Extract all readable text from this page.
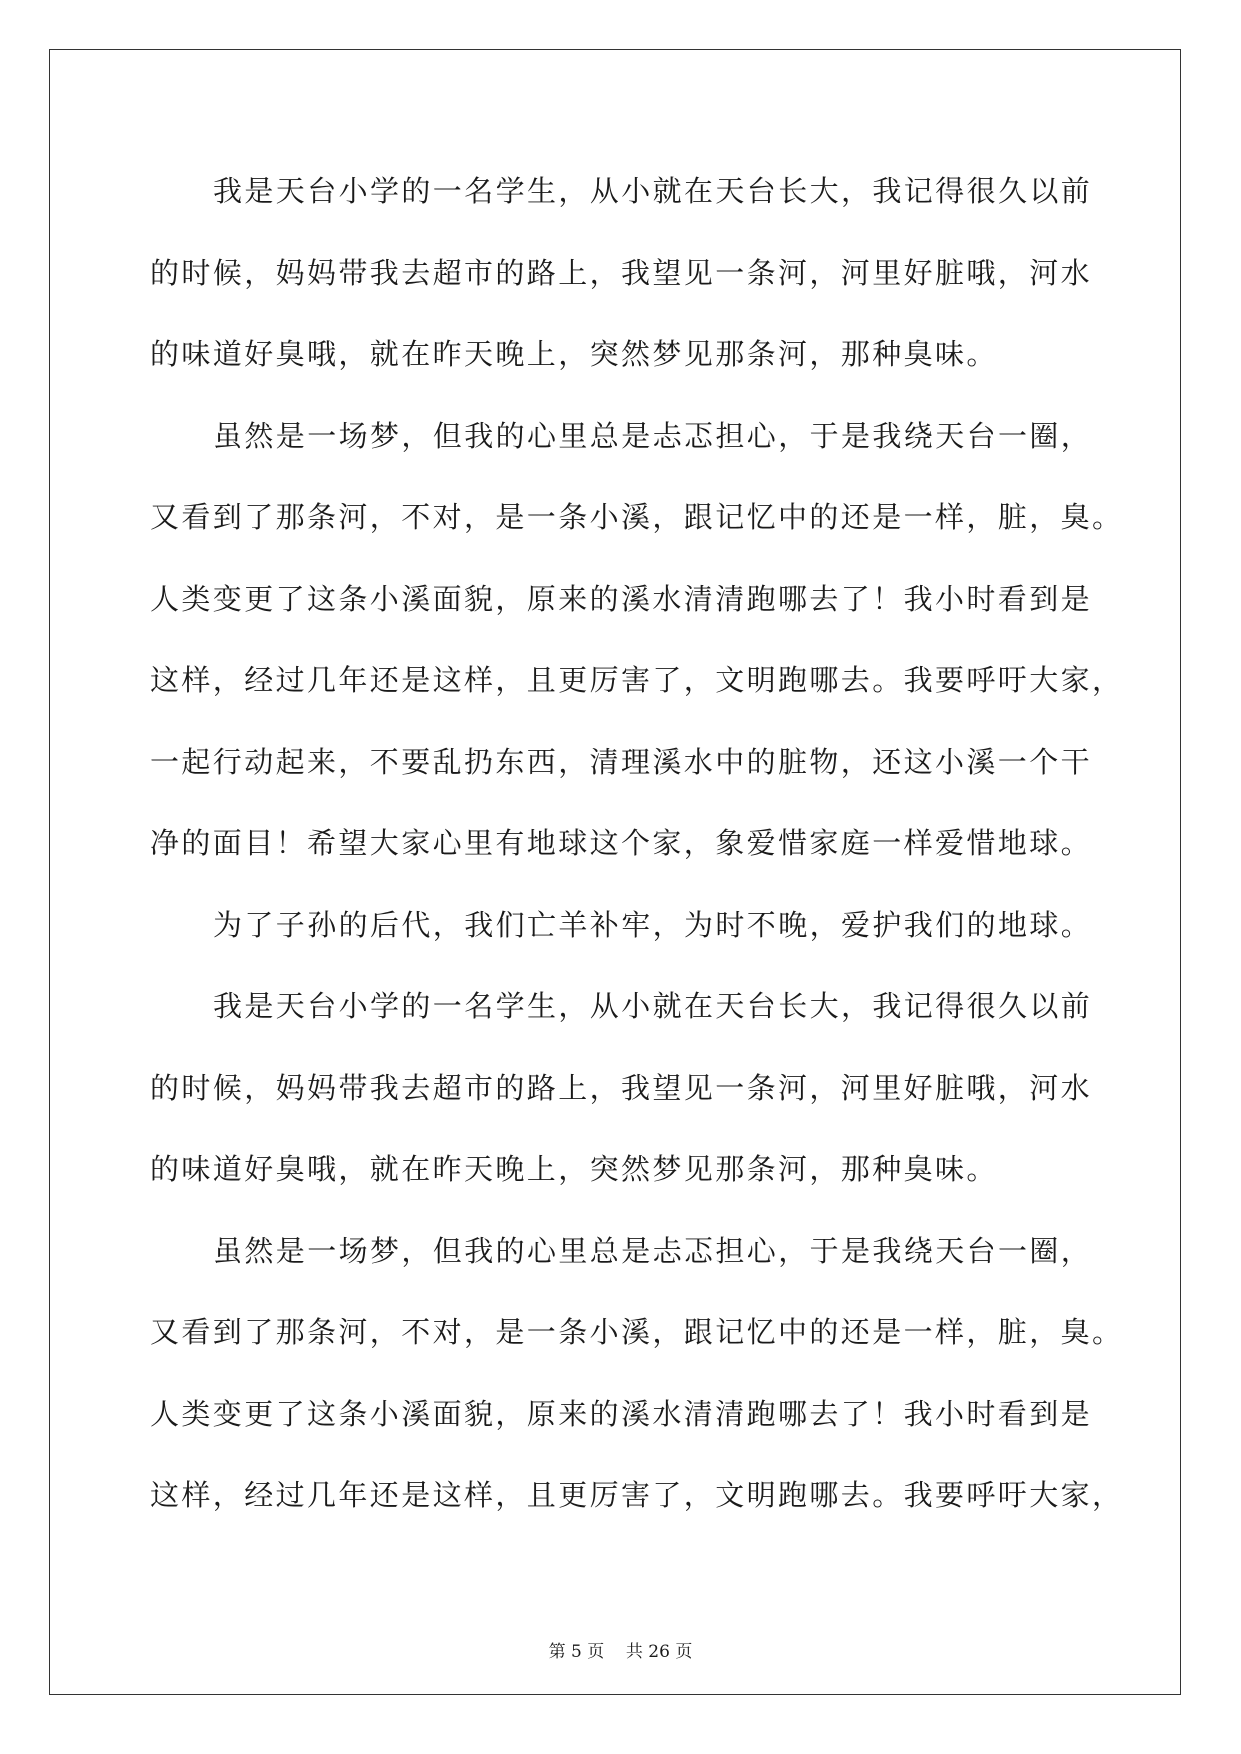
我是天台小学的一名学生，从小就在天台长大，我记得很久以前
的时候，妈妈带我去超市的路上，我望见一条河，河里好脏哦，河水
的味道好臭哦，就在昨天晚上，突然梦见那条河，那种臭味。
虽然是一场梦，但我的心里总是忐忑担心，于是我绕天台一圈，
又看到了那条河，不对，是一条小溪，跟记忆中的还是一样，脏，臭。
人类变更了这条小溪面貌，原来的溪水清清跑哪去了！我小时看到是
这样，经过几年还是这样，且更厉害了，文明跑哪去。我要呼吁大家，
一起行动起来，不要乱扔东西，清理溪水中的脏物，还这小溪一个干
净的面目！希望大家心里有地球这个家，象爱惜家庭一样爱惜地球。
为了子孙的后代，我们亡羊补牢，为时不晚，爱护我们的地球。
我是天台小学的一名学生，从小就在天台长大，我记得很久以前
的时候，妈妈带我去超市的路上，我望见一条河，河里好脏哦，河水
的味道好臭哦，就在昨天晚上，突然梦见那条河，那种臭味。
虽然是一场梦，但我的心里总是忐忑担心，于是我绕天台一圈，
又看到了那条河，不对，是一条小溪，跟记忆中的还是一样，脏，臭。
人类变更了这条小溪面貌，原来的溪水清清跑哪去了！我小时看到是
这样，经过几年还是这样，且更厉害了，文明跑哪去。我要呼吁大家，
第 5 页    共 26 页
